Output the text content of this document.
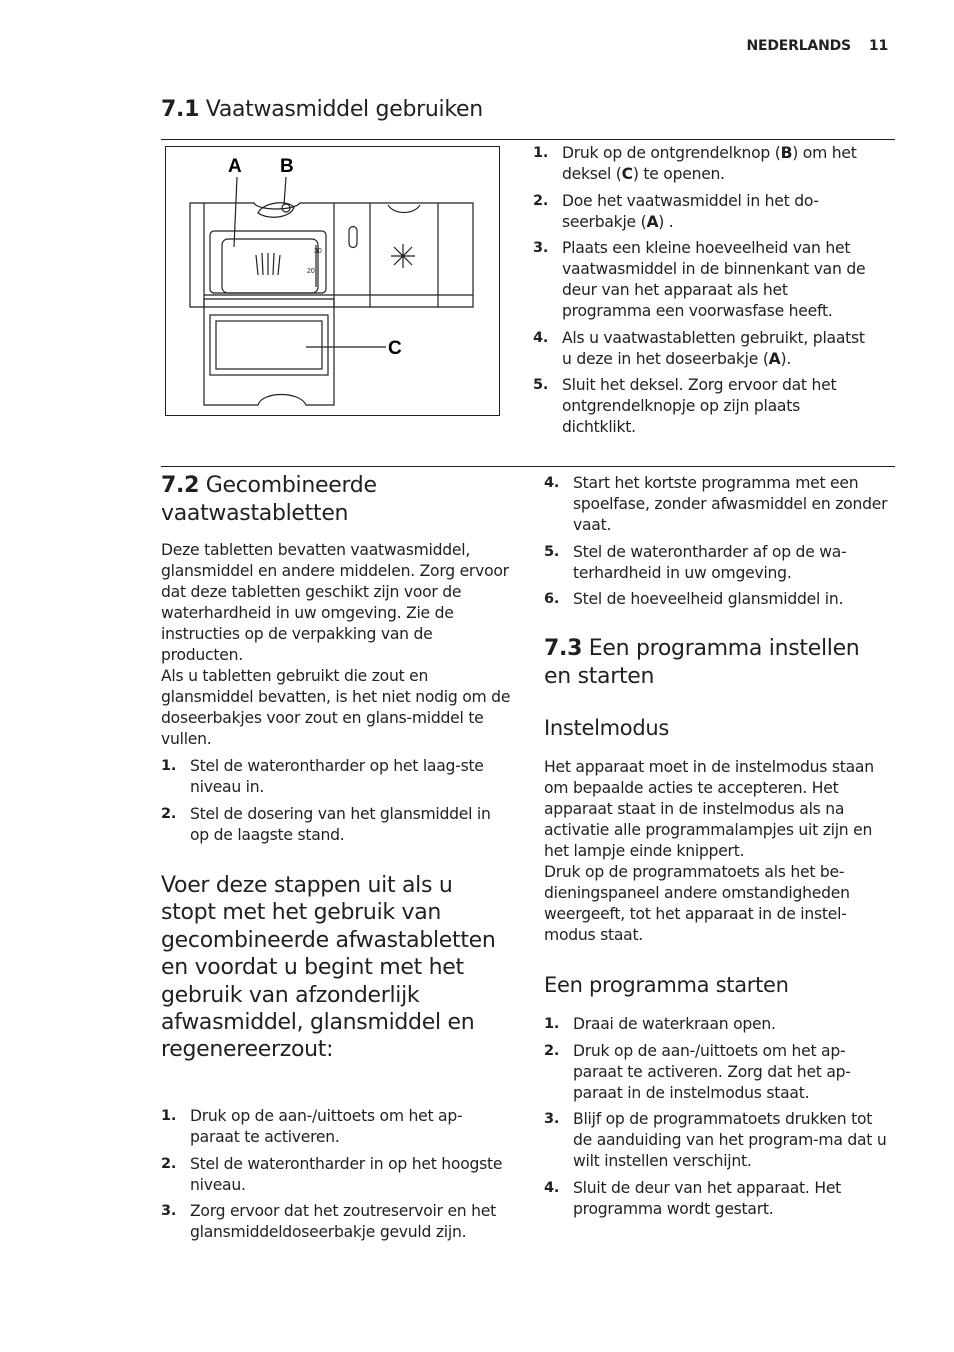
NEDERLANDS 11
7.1 Vaatwasmiddel gebruiken
A B
C
30
20
1. Druk op de ontgrendelknop (B) om het deksel (C) te openen.
2. Doe het vaatwasmiddel in het do-seerbakje (A) .
3. Plaats een kleine hoeveelheid van het vaatwasmiddel in de binnenkant van de deur van het apparaat als het programma een voorwasfase heeft.
4. Als u vaatwastabletten gebruikt, plaatst u deze in het doseerbakje (A).
5. Sluit het deksel. Zorg ervoor dat het ontgrendelknopje op zijn plaats dichtklikt.
7.2 Gecombineerde
vaatwastabletten

Deze tabletten bevatten vaatwasmiddel, glansmiddel en andere middelen. Zorg ervoor dat deze tabletten geschikt zijn voor de waterhardheid in uw omgeving. Zie de instructies op de verpakking van de producten.

Als u tabletten gebruikt die zout en glansmiddel bevatten, is het niet nodig om de doseerbakjes voor zout en glans-middel te vullen.

1. Stel de waterontharder op het laag-ste niveau in.
2. Stel de dosering van het glansmiddel in op de laagste stand.
Voer deze stappen uit als u stopt met het gebruik van gecombineerde afwastabletten en voordat u begint met het gebruik van afzonderlijk afwasmiddel, glansmiddel en regenereerzout:
1. Druk op de aan-/uittoets om het ap-paraat te activeren.
2. Stel de waterontharder in op het hoogste niveau.
3. Zorg ervoor dat het zoutreservoir en het glansmiddeldoseerbakje gevuld zijn.
4. Start het kortste programma met een spoelfase, zonder afwasmiddel en zonder vaat.
5. Stel de waterontharder af op de wa-terhardheid in uw omgeving.
6. Stel de hoeveelheid glansmiddel in.
7.3 Een programma instellen
en starten
Instelmodus

Het apparaat moet in de instelmodus staan om bepaalde acties te accepteren. Het apparaat staat in de instelmodus als na activatie alle programmalampjes uit zijn en het lampje einde knippert.

Druk op de programmatoets als het be-dieningspaneel andere omstandigheden weergeeft, tot het apparaat in de instel-modus staat.

Een programma starten
1. Draai de waterkraan open.
2. Druk op de aan-/uittoets om het ap-paraat te activeren. Zorg dat het ap-paraat in de instelmodus staat.
3. Blijf op de programmatoets drukken tot de aanduiding van het program-ma dat u wilt instellen verschijnt.
4. Sluit de deur van het apparaat. Het programma wordt gestart.
